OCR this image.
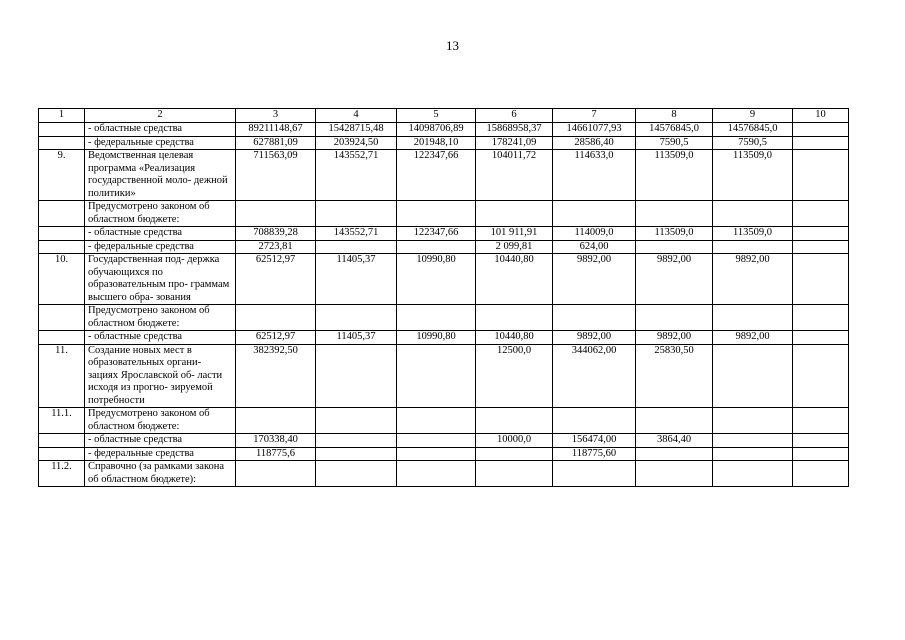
13
1	2	3	4	5	6	7	8	9	10
	- областные средства	89211148,67	15428715,48	14098706,89	15868958,37	14661077,93	14576845,0	14576845,0	
	- федеральные средства	627881,09	203924,50	201948,10	178241,09	28586,40	7590,5	7590,5	
9.	Ведомственная целевая программа «Реализация государственной моло- дежной политики»	711563,09	143552,71	122347,66	104011,72	114633,0	113509,0	113509,0	
	Предусмотрено законом об областном бюджете:								
	- областные средства	708839,28	143552,71	122347,66	101 911,91	114009,0	113509,0	113509,0	
	- федеральные средства	2723,81			2 099,81	624,00			
10.	Государственная под- держка обучающихся по образовательным про- граммам высшего обра- зования	62512,97	11405,37	10990,80	10440,80	9892,00	9892,00	9892,00	
	Предусмотрено законом об областном бюджете:								
	- областные средства	62512,97	11405,37	10990,80	10440,80	9892,00	9892,00	9892,00	
11.	Создание новых мест в образовательных органи- зациях Ярославской об- ласти исходя из прогно- зируемой потребности	382392,50			12500,0	344062,00	25830,50		
11.1.	Предусмотрено законом об областном бюджете:								
	- областные средства	170338,40			10000,0	156474,00	3864,40		
	- федеральные средства	118775,6				118775,60			
11.2.	Справочно (за рамками закона об областном бюджете):								
